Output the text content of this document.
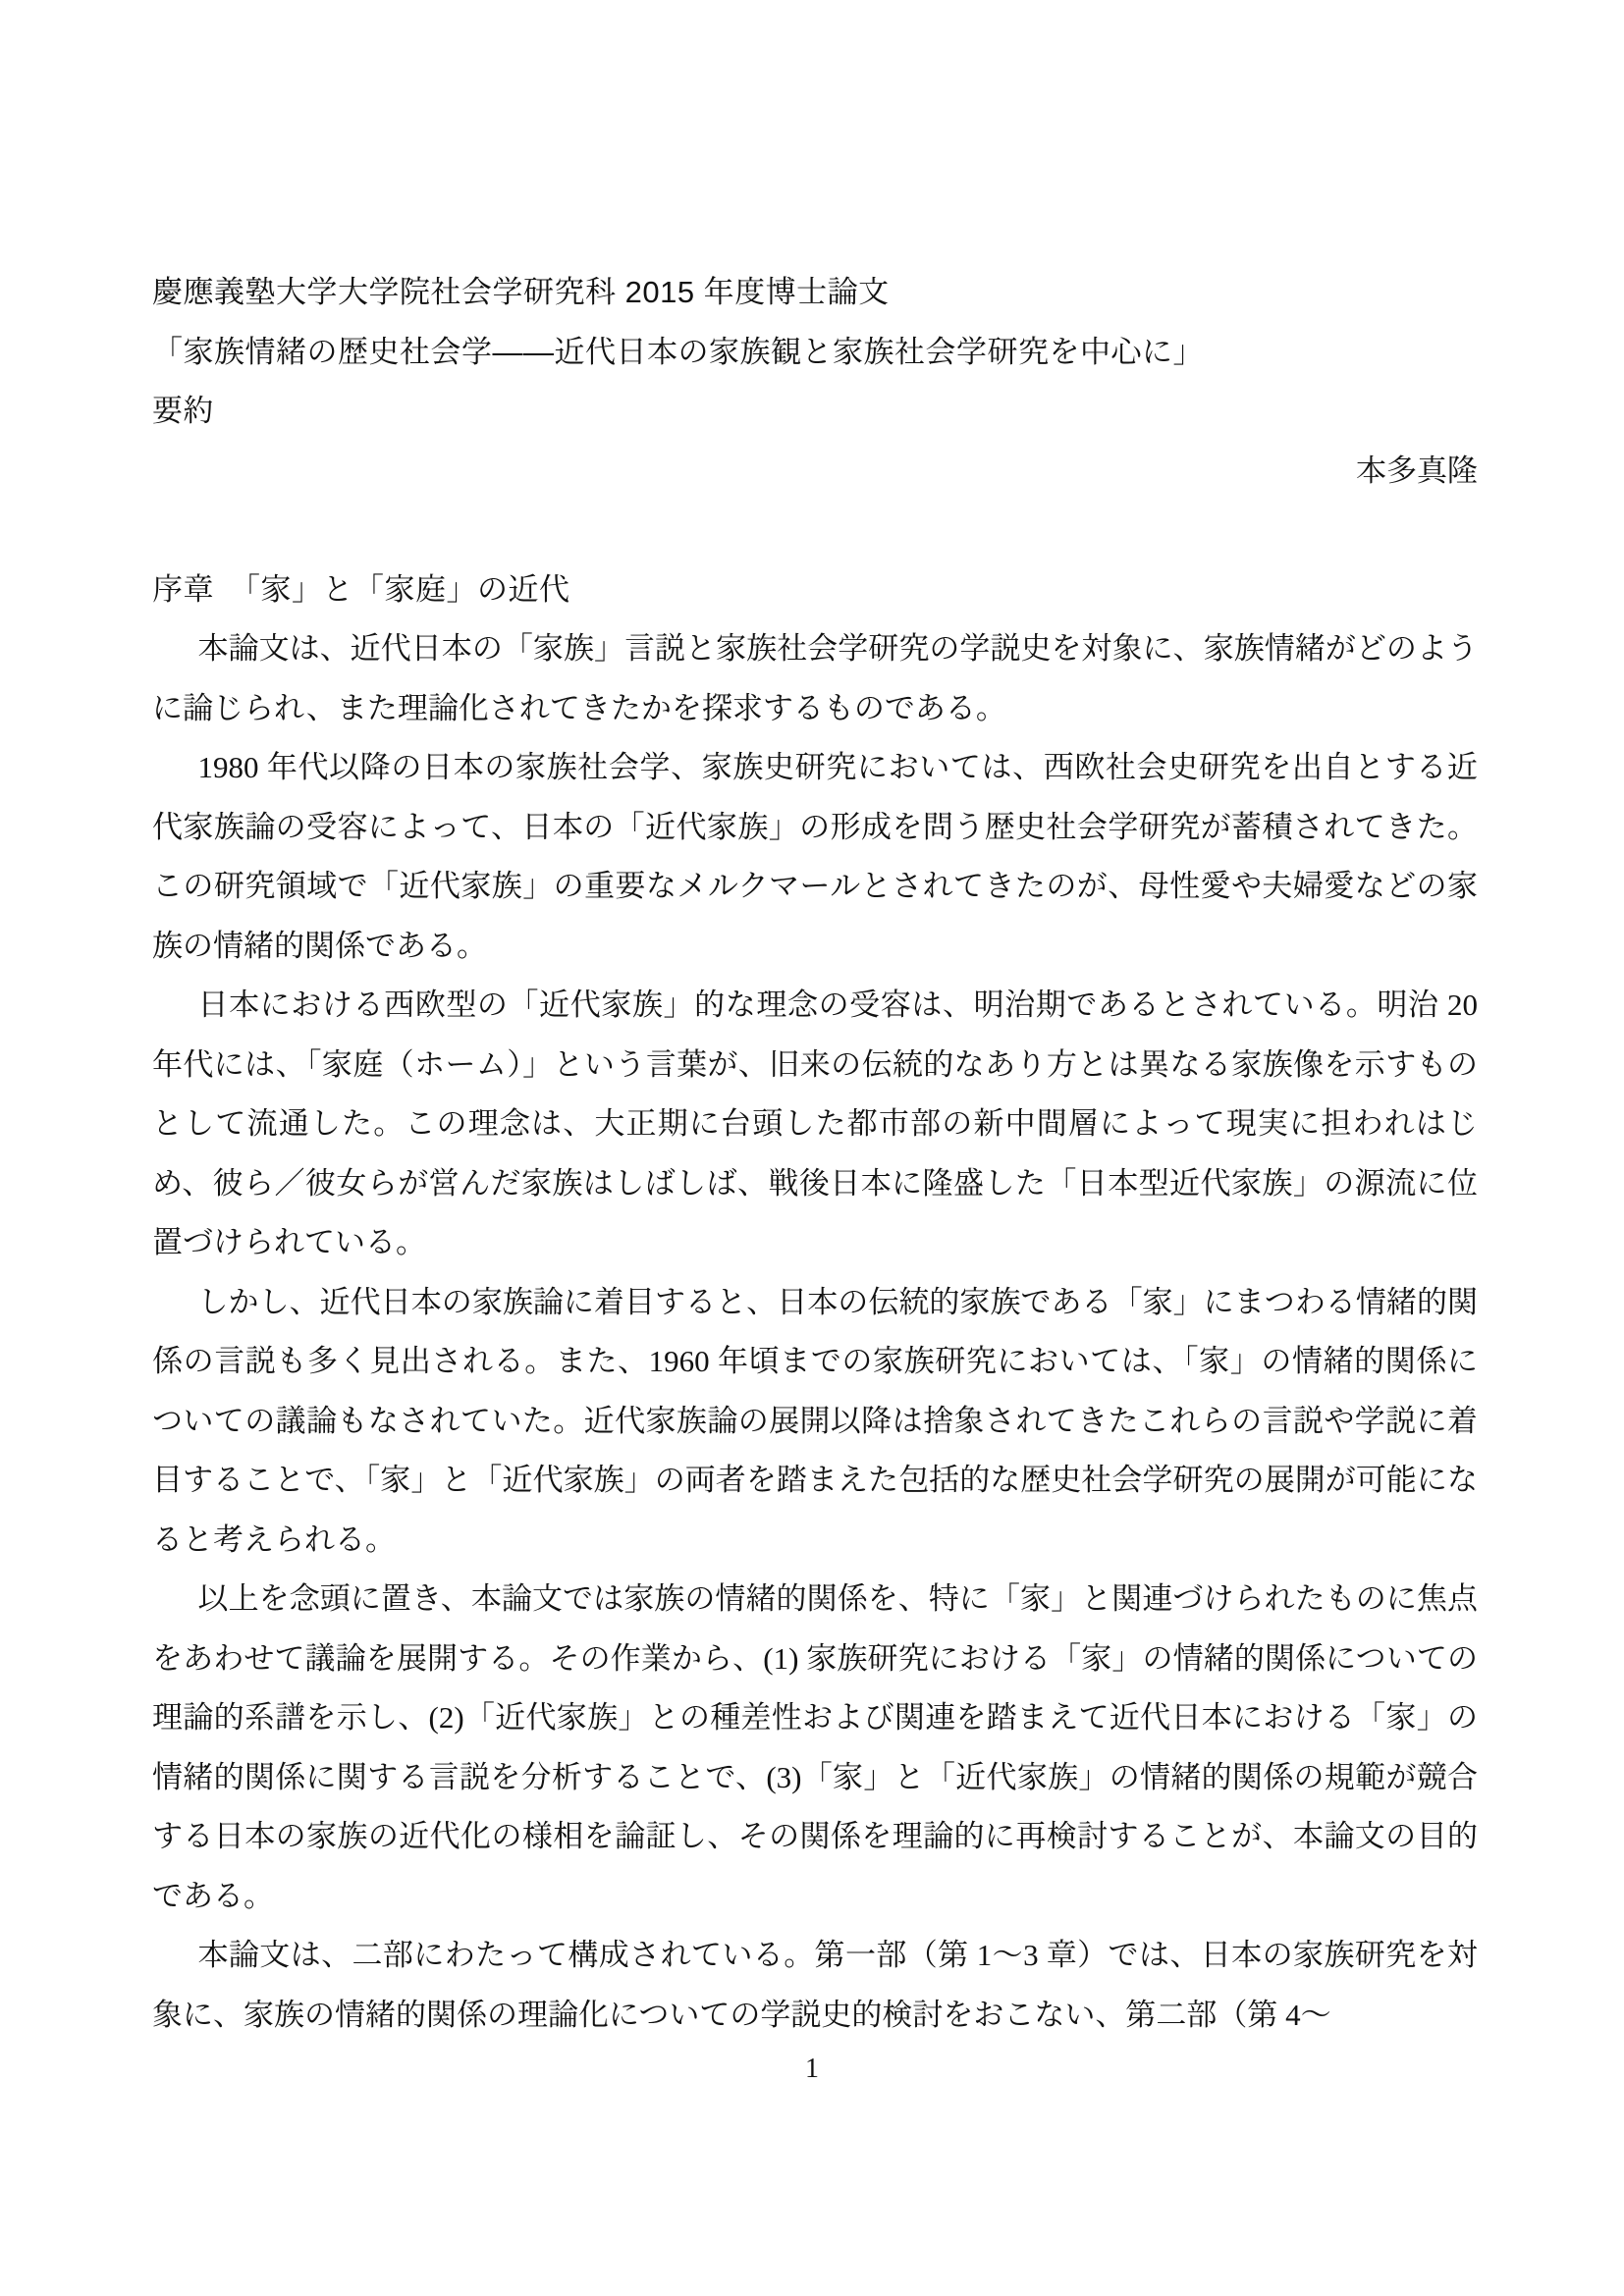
慶應義塾大学大学院社会学研究科 2015 年度博士論文

「家族情緒の歴史社会学――近代日本の家族観と家族社会学研究を中心に」

要約

本多真隆

序章　「家」と「家庭」の近代

本論文は、近代日本の「家族」言説と家族社会学研究の学説史を対象に、家族情緒がどのように論じられ、また理論化されてきたかを探求するものである。

1980 年代以降の日本の家族社会学、家族史研究においては、西欧社会史研究を出自とする近代家族論の受容によって、日本の「近代家族」の形成を問う歴史社会学研究が蓄積されてきた。この研究領域で「近代家族」の重要なメルクマールとされてきたのが、母性愛や夫婦愛などの家族の情緒的関係である。

日本における西欧型の「近代家族」的な理念の受容は、明治期であるとされている。明治 20 年代には、「家庭（ホーム）」という言葉が、旧来の伝統的なあり方とは異なる家族像を示すものとして流通した。この理念は、大正期に台頭した都市部の新中間層によって現実に担われはじめ、彼ら／彼女らが営んだ家族はしばしば、戦後日本に隆盛した「日本型近代家族」の源流に位置づけられている。

しかし、近代日本の家族論に着目すると、日本の伝統的家族である「家」にまつわる情緒的関係の言説も多く見出される。また、1960 年頃までの家族研究においては、「家」の情緒的関係についての議論もなされていた。近代家族論の展開以降は捨象されてきたこれらの言説や学説に着目することで、「家」と「近代家族」の両者を踏まえた包括的な歴史社会学研究の展開が可能になると考えられる。

以上を念頭に置き、本論文では家族の情緒的関係を、特に「家」と関連づけられたものに焦点をあわせて議論を展開する。その作業から、(1) 家族研究における「家」の情緒的関係についての理論的系譜を示し、(2)「近代家族」との種差性および関連を踏まえて近代日本における「家」の情緒的関係に関する言説を分析することで、(3)「家」と「近代家族」の情緒的関係の規範が競合する日本の家族の近代化の様相を論証し、その関係を理論的に再検討することが、本論文の目的である。

本論文は、二部にわたって構成されている。第一部（第 1～3 章）では、日本の家族研究を対象に、家族の情緒的関係の理論化についての学説史的検討をおこない、第二部（第 4～

1
